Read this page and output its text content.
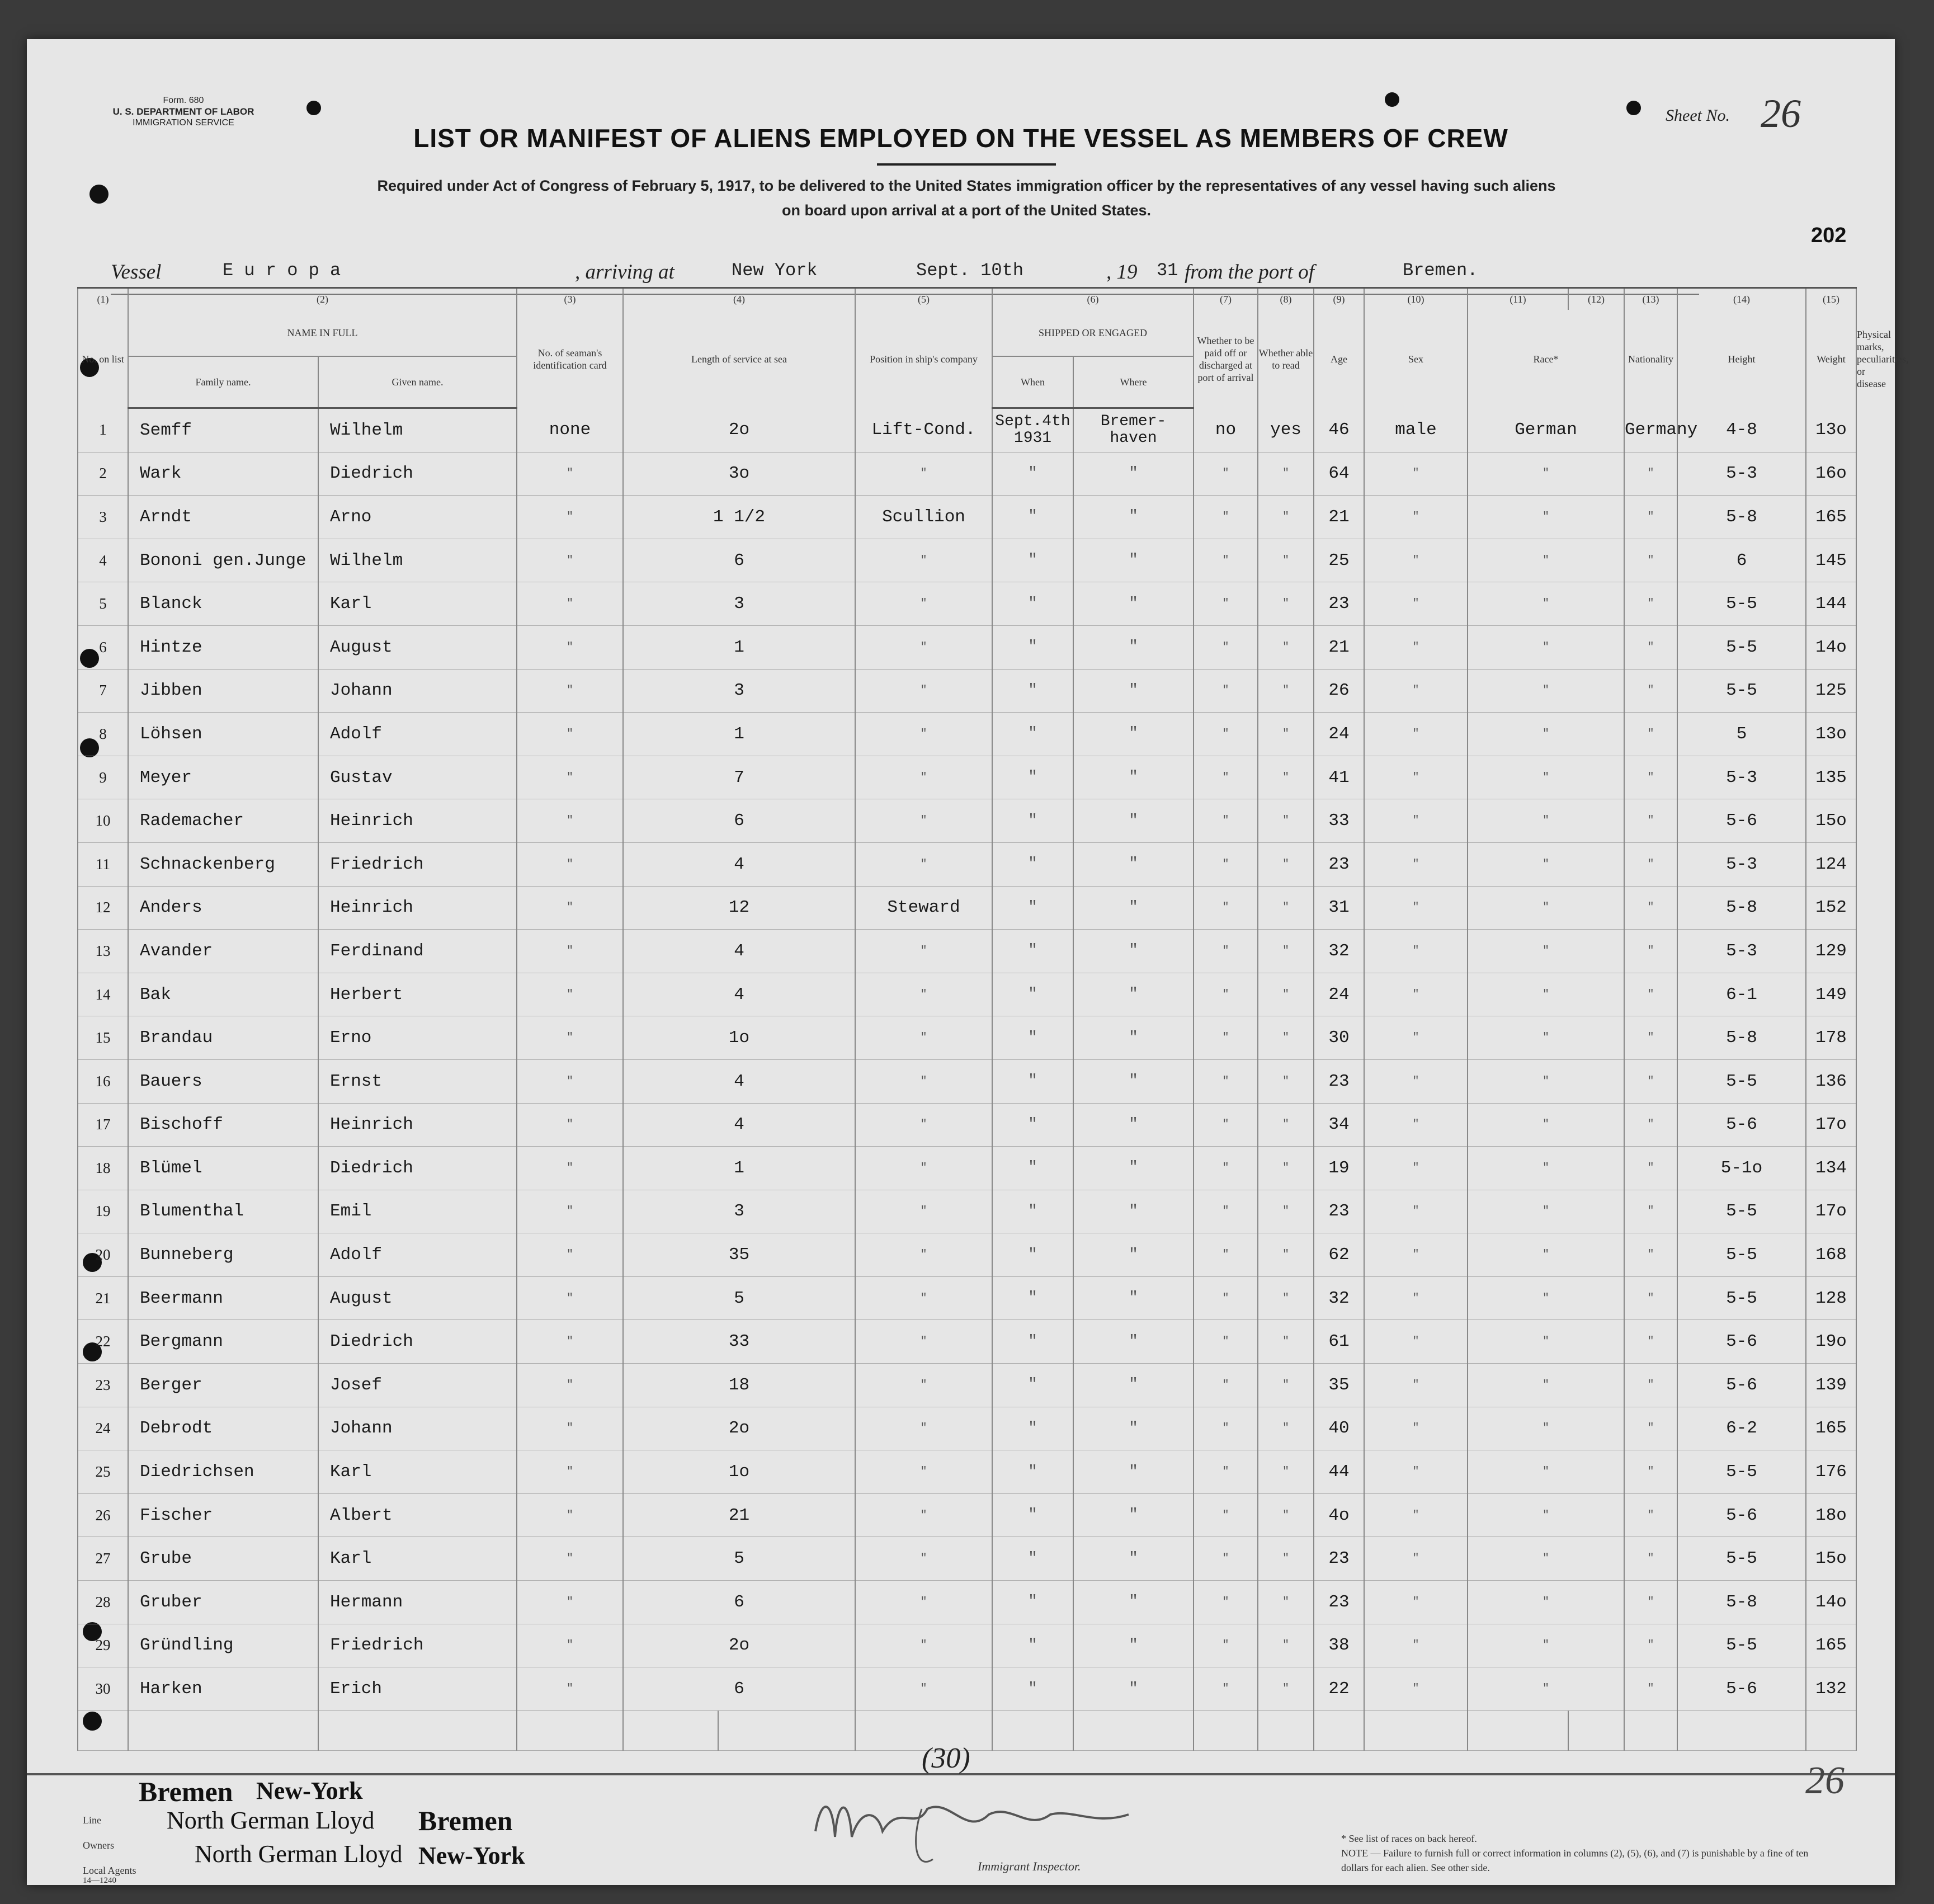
Form. 680
U. S. DEPARTMENT OF LABOR
IMMIGRATION SERVICE
LIST OR MANIFEST OF ALIENS EMPLOYED ON THE VESSEL AS MEMBERS OF CREW
Required under Act of Congress of February 5, 1917, to be delivered to the United States immigration officer by the representatives of any vessel having such aliens
on board upon arrival at a port of the United States.
Sheet No. 26
202
Vessel	E u r o p a	, arriving at	New York	Sept. 10th	, 19 31 from the port of	Bremen.
(1)	(2)		(3)	(4)		(5)	(6)		(7)	(8)	(9)	(10)	(11)	(12)	(13)	(14)	(15)	
No. on list	NAME IN FULL		No. of seaman's identification card	Length of service at sea		Position in ship's company	SHIPPED OR ENGAGED		Whether to be paid off or discharged at port of arrival	Whether able to read	Age	Sex	Race*		Nationality	Height	Weight	Physical marks, peculiarities, or disease	
	Family name.	Given name.					When	Where										
1	Semff	Wilhelm	none	2o		Lift-Cond.	Sept.4th 1931	Bremer- haven	no	yes	46	male	German		Germany	4-8	13o		
2	Wark	Diedrich	"	3o		"	"	"	"	"	64	"	"		"	5-3	16o		
3	Arndt	Arno	"	1 1/2		Scullion	"	"	"	"	21	"	"		"	5-8	165		
4	Bononi gen.Junge	Wilhelm	"	6		"	"	"	"	"	25	"	"		"	6	145		
5	Blanck	Karl	"	3		"	"	"	"	"	23	"	"		"	5-5	144		
6	Hintze	August	"	1		"	"	"	"	"	21	"	"		"	5-5	14o		
7	Jibben	Johann	"	3		"	"	"	"	"	26	"	"		"	5-5	125		
8	Löhsen	Adolf	"	1		"	"	"	"	"	24	"	"		"	5	13o		
9	Meyer	Gustav	"	7		"	"	"	"	"	41	"	"		"	5-3	135		
10	Rademacher	Heinrich	"	6		"	"	"	"	"	33	"	"		"	5-6	15o		
11	Schnackenberg	Friedrich	"	4		"	"	"	"	"	23	"	"		"	5-3	124		
12	Anders	Heinrich	"	12		Steward	"	"	"	"	31	"	"		"	5-8	152		
13	Avander	Ferdinand	"	4		"	"	"	"	"	32	"	"		"	5-3	129		
14	Bak	Herbert	"	4		"	"	"	"	"	24	"	"		"	6-1	149		
15	Brandau	Erno	"	1o		"	"	"	"	"	30	"	"		"	5-8	178		
16	Bauers	Ernst	"	4		"	"	"	"	"	23	"	"		"	5-5	136		
17	Bischoff	Heinrich	"	4		"	"	"	"	"	34	"	"		"	5-6	17o		
18	Blümel	Diedrich	"	1		"	"	"	"	"	19	"	"		"	5-1o	134		
19	Blumenthal	Emil	"	3		"	"	"	"	"	23	"	"		"	5-5	17o		
20	Bunneberg	Adolf	"	35		"	"	"	"	"	62	"	"		"	5-5	168		
21	Beermann	August	"	5		"	"	"	"	"	32	"	"		"	5-5	128		
22	Bergmann	Diedrich	"	33		"	"	"	"	"	61	"	"		"	5-6	19o		
23	Berger	Josef	"	18		"	"	"	"	"	35	"	"		"	5-6	139		
24	Debrodt	Johann	"	2o		"	"	"	"	"	40	"	"		"	6-2	165		
25	Diedrichsen	Karl	"	1o		"	"	"	"	"	44	"	"		"	5-5	176		
26	Fischer	Albert	"	21		"	"	"	"	"	4o	"	"		"	5-6	18o		
27	Grube	Karl	"	5		"	"	"	"	"	23	"	"		"	5-5	15o		
28	Gruber	Hermann	"	6		"	"	"	"	"	23	"	"		"	5-8	14o		
29	Gründling	Friedrich	"	2o		"	"	"	"	"	38	"	"		"	5-5	165		
30	Harken	Erich	"	6		"	"	"	"	"	22	"	"		"	5-6	132		

Line
Owners
Local Agents
14—1240
Bremen New-York
North German Lloyd Bremen
North German Lloyd New-York
(30)
Immigrant Inspector.
* See list of races on back hereof.
NOTE — Failure to furnish full or correct information in columns (2), (5), (6), and (7) is punishable by a fine of ten dollars for each alien. See other side.
26
